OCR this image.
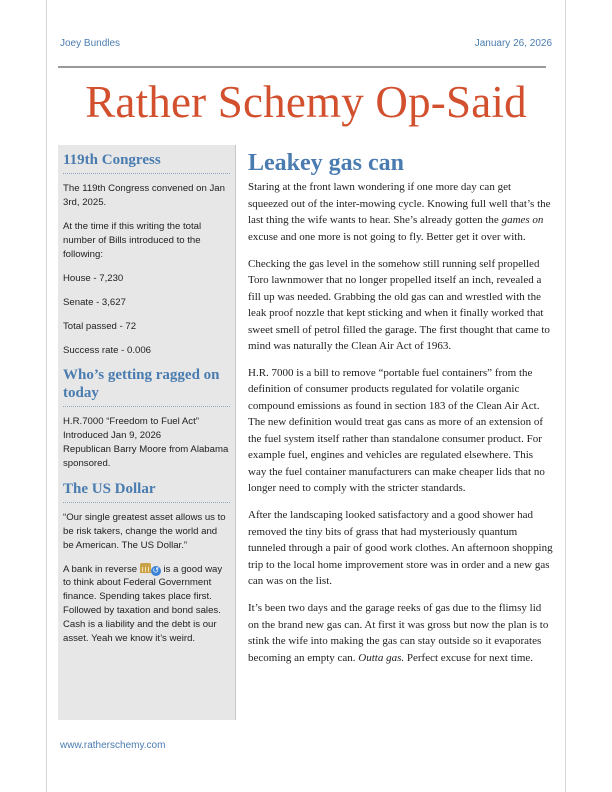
Joey Bundles	January 26, 2026
Rather Schemy Op-Said
119th Congress

The 119th Congress convened on Jan 3rd, 2025.

At the time if this writing the total number of Bills introduced to the following:

House - 7,230

Senate - 3,627

Total passed - 72

Success rate - 0.006

Who’s getting ragged on today

H.R.7000 “Freedom to Fuel Act”
Introduced Jan 9, 2026
Republican Barry Moore from Alabama sponsored.

The US Dollar

“Our single greatest asset allows us to be risk takers, change the world and be American. The US Dollar.”

A bank in reverse ↺ is a good way to think about Federal Government finance. Spending takes place first. Followed by taxation and bond sales. Cash is a liability and the debt is our asset. Yeah we know it’s weird.

Leakey gas can

Staring at the front lawn wondering if one more day can get squeezed out of the inter-mowing cycle. Knowing full well that’s the last thing the wife wants to hear. She’s already gotten the games on excuse and one more is not going to fly. Better get it over with.

Checking the gas level in the somehow still running self propelled Toro lawnmower that no longer propelled itself an inch, revealed a fill up was needed. Grabbing the old gas can and wrestled with the leak proof nozzle that kept sticking and when it finally worked that sweet smell of petrol filled the garage. The first thought that came to mind was naturally the Clean Air Act of 1963.

H.R. 7000 is a bill to remove “portable fuel containers” from the definition of consumer products regulated for volatile organic compound emissions as found in section 183 of the Clean Air Act. The new definition would treat gas cans as more of an extension of the fuel system itself rather than standalone consumer product. For example fuel, engines and vehicles are regulated elsewhere. This way the fuel container manufacturers can make cheaper lids that no longer need to comply with the stricter standards.

After the landscaping looked satisfactory and a good shower had removed the tiny bits of grass that had mysteriously quantum tunneled through a pair of good work clothes. An afternoon shopping trip to the local home improvement store was in order and a new gas can was on the list.

It’s been two days and the garage reeks of gas due to the flimsy lid on the brand new gas can. At first it was gross but now the plan is to stink the wife into making the gas can stay outside so it evaporates becoming an empty can. Outta gas. Perfect excuse for next time.

www.ratherschemy.com
